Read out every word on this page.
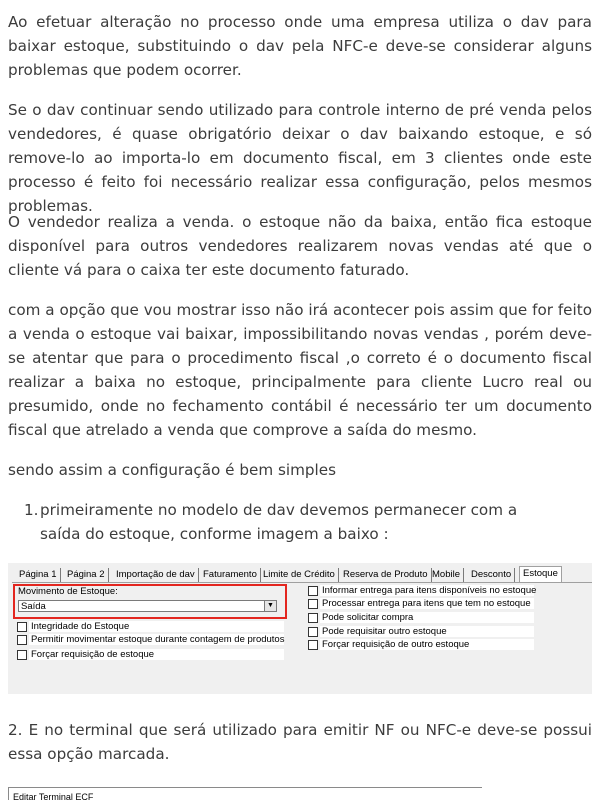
Ao efetuar alteração no processo onde uma empresa utiliza o dav para baixar estoque, substituindo o dav pela NFC-e deve-se considerar alguns problemas que podem ocorrer.

Se o dav continuar sendo utilizado para controle interno de pré venda pelos vendedores, é quase obrigatório deixar o dav baixando estoque, e só remove-lo ao importa-lo em documento fiscal, em 3 clientes onde este processo é feito foi necessário realizar essa configuração, pelos mesmos problemas.

O vendedor realiza a venda. o estoque não da baixa, então fica estoque disponível para outros vendedores realizarem novas vendas até que o cliente vá para o caixa ter este documento faturado.

com a opção que vou mostrar isso não irá acontecer pois assim que for feito a venda o estoque vai baixar, impossibilitando novas vendas , porém deve-se atentar que para o procedimento fiscal ,o correto é o documento fiscal realizar a baixa no estoque, principalmente para cliente Lucro real ou presumido, onde no fechamento contábil é necessário ter um documento fiscal que atrelado a venda que comprove a saída do mesmo.

sendo assim a configuração é bem simples

1. primeiramente no modelo de dav devemos permanecer com a saída do estoque, conforme imagem a baixo :
Página 1	Página 2	Importação de dav Faturamento Limite de Crédito Reserva de Produto Mobile	Desconto	Estoque
Movimento de Estoque:
Saída	▼
Integridade do Estoque
Permitir movimentar estoque durante contagem de produtos
Forçar requisição de estoque
Informar entrega para itens disponíveis no estoque
Processar entrega para itens que tem no estoque
Pode solicitar compra
Pode requisitar outro estoque
Forçar requisição de outro estoque

2. E no terminal que será utilizado para emitir NF ou NFC-e deve-se possui essa opção marcada.

Editar Terminal ECF
